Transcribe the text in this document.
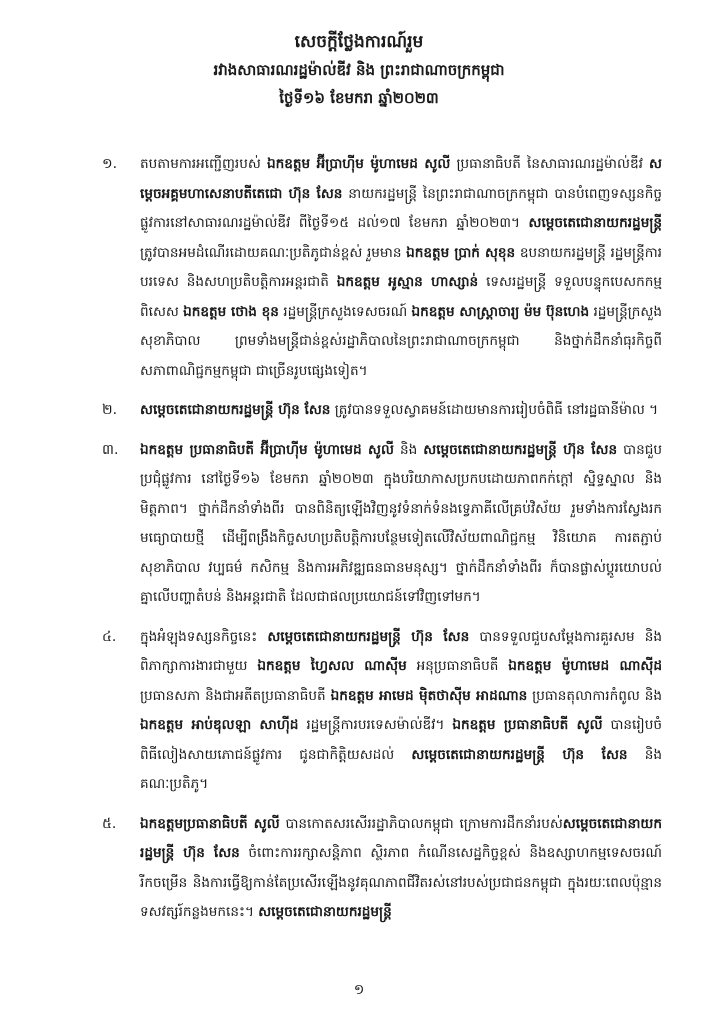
សេចក្តីថ្លែងការណ៍រួម
រវាងសាធារណរដ្ឋម៉ាល់ឌីវ និង ព្រះរាជាណាចក្រកម្ពុជា
ថ្ងៃទី១៦ ខែមករា ឆ្នាំ២០២៣
១.	តបតាមការអញ្ជើញរបស់ ឯកឧត្តម អ៊ីប្រាហ៊ីម ម៉ូហាមេដ សូលី ប្រធានាធិបតី នៃសាធារណរដ្ឋម៉ាល់ឌីវ សម្តេចអគ្គមហាសេនាបតីតេជោ ហ៊ុន សែន នាយករដ្ឋមន្ត្រី នៃព្រះរាជាណាចក្រកម្ពុជា បានបំពេញទស្សនកិច្ចផ្លូវការនៅសាធារណរដ្ឋម៉ាល់ឌីវ ពីថ្ងៃទី១៥ ដល់១៧ ខែមករា ឆ្នាំ២០២៣។ សម្តេចតេជោនាយករដ្ឋមន្ត្រី ត្រូវបានអមដំណើរដោយគណៈប្រតិភូជាន់ខ្ពស់ រួមមាន ឯកឧត្តម ប្រាក់ សុខុន ឧបនាយករដ្ឋមន្ត្រី រដ្ឋមន្ត្រីការបរទេស និងសហប្រតិបត្តិការអន្តរជាតិ ឯកឧត្តម អូស្មាន ហាស្សាន់ ទេសរដ្ឋមន្ត្រី ទទួលបន្ទុកបេសកកម្មពិសេស ឯកឧត្តម ថោង ខុន រដ្ឋមន្ត្រីក្រសួងទេសចរណ៍ ឯកឧត្តម សាស្ត្រាចារ្យ ម៉ម ប៊ុនហេង រដ្ឋមន្ត្រីក្រសួងសុខាភិបាល ព្រមទាំងមន្ត្រីជាន់ខ្ពស់រដ្ឋាភិបាលនៃព្រះរាជាណាចក្រកម្ពុជា និងថ្នាក់ដឹកនាំធុរកិច្ចពីសភាពាណិជ្ជកម្មកម្ពុជា ជាច្រើនរូបផ្សេងទៀត។
២.	សម្តេចតេជោនាយករដ្ឋមន្ត្រី ហ៊ុន សែន ត្រូវបានទទួលស្វាគមន៍ដោយមានការរៀបចំពិធី នៅរដ្ឋធានីម៉ាល ។
៣.	ឯកឧត្តម ប្រធានាធិបតី អ៊ីប្រាហ៊ីម ម៉ូហាមេដ សូលី និង សម្តេចតេជោនាយករដ្ឋមន្ត្រី ហ៊ុន សែន បានជួបប្រជុំផ្លូវការ នៅថ្ងៃទី១៦ ខែមករា ឆ្នាំ២០២៣ ក្នុងបរិយាកាសប្រកបដោយភាពកក់ក្តៅ ស្និទ្ធស្នាល និងមិត្តភាព។ ថ្នាក់ដឹកនាំទាំងពីរ បានពិនិត្យឡើងវិញនូវទំនាក់ទំនងទ្វេភាគីលើគ្រប់វិស័យ រួមទាំងការស្វែងរកមធ្យោបាយថ្មី ដើម្បីពង្រឹងកិច្ចសហប្រតិបត្តិការបន្ថែមទៀតលើវិស័យពាណិជ្ជកម្ម វិនិយោគ ការតភ្ជាប់ សុខាភិបាល វប្បធម៌ កសិកម្ម និងការអភិវឌ្ឍធនធានមនុស្ស។ ថ្នាក់ដឹកនាំទាំងពីរ ក៏បានផ្លាស់ប្តូរយោបល់គ្នាលើបញ្ហាតំបន់ និងអន្តរជាតិ ដែលជាផលប្រយោជន៍ទៅវិញទៅមក។
៤.	ក្នុងអំឡុងទស្សនកិច្ចនេះ សម្តេចតេជោនាយករដ្ឋមន្ត្រី ហ៊ុន សែន បានទទួលជួបសម្តែងការគួរសម និងពិភាក្សាការងារជាមួយ ឯកឧត្តម ហ្វៃសល ណាស៊ីម អនុប្រធានាធិបតី ឯកឧត្តម ម៉ូហាមេដ ណាស៊ីដ ប្រធានសភា និងជាអតីតប្រធានាធិបតី ឯកឧត្តម អាមេដ មុិតថាស៊ីម អាដណាន ប្រធានតុលាការកំពូល និងឯកឧត្តម អាប់ឌុលឡា សាហ៊ីដ រដ្ឋមន្ត្រីការបរទេសម៉ាល់ឌីវ។ ឯកឧត្តម ប្រធានាធិបតី សូលី បានរៀបចំពិធីលៀងសាយភោជន៍ផ្លូវការ ជូនជាកិត្តិយសដល់ សម្តេចតេជោនាយករដ្ឋមន្ត្រី ហ៊ុន សែន និងគណៈប្រតិភូ។
៥.	ឯកឧត្តមប្រធានាធិបតី សូលី បានកោតសរសើររដ្ឋាភិបាលកម្ពុជា ក្រោមការដឹកនាំរបស់សម្តេចតេជោនាយករដ្ឋមន្ត្រី ហ៊ុន សែន ចំពោះការរក្សាសន្តិភាព ស្ថិរភាព កំណើនសេដ្ឋកិច្ចខ្ពស់ និងឧស្សាហកម្មទេសចរណ៍រីកចម្រើន និងការធ្វើឱ្យកាន់តែប្រសើរឡើងនូវគុណភាពជីវិតរស់នៅរបស់ប្រជាជនកម្ពុជា ក្នុងរយៈពេលប៉ុន្មានទសវត្សរ៍កន្លងមកនេះ។ សម្តេចតេជោនាយករដ្ឋមន្ត្រី
១
